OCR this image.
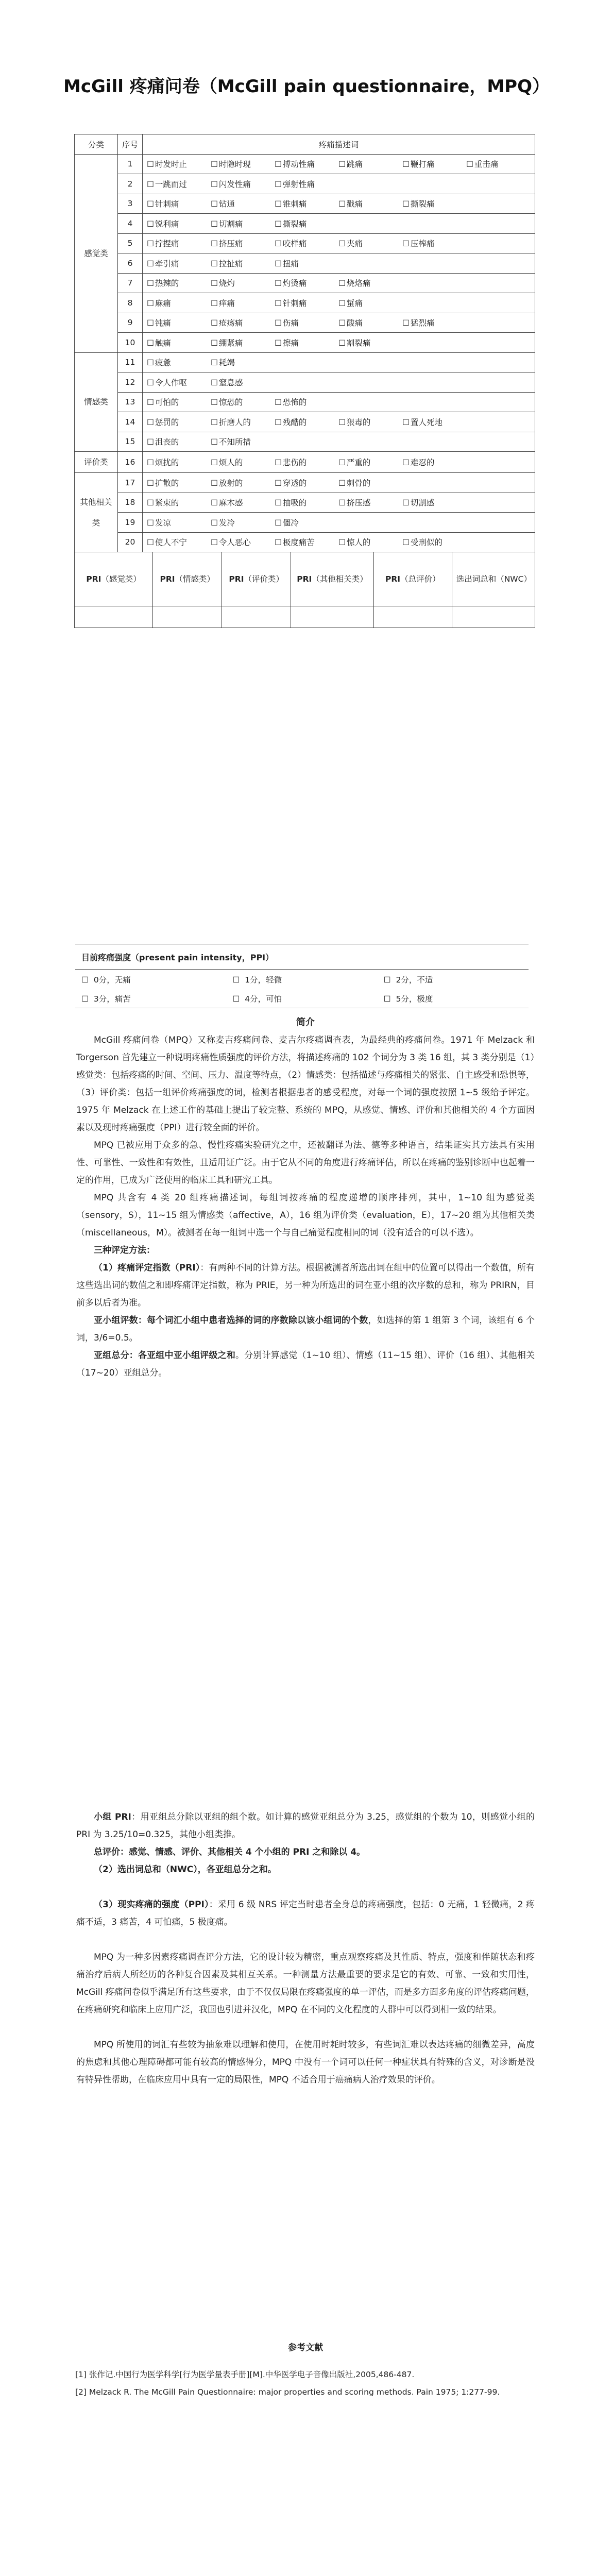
McGill 疼痛问卷（McGill pain questionnaire，MPQ）
分类	序号	疼痛描述词
感觉类	1	☐时发时止	☐ 时隐时现	☐ 搏动性痛	☐ 跳痛	☐ 鞭打痛	☐ 重击痛
2	☐一跳而过	☐ 闪发性痛	☐ 弹射性痛
3	☐针刺痛	☐ 钻通	☐ 锥刺痛	☐ 戳痛	☐ 撕裂痛
4	☐锐利痛	☐ 切割痛	☐ 撕裂痛
5	☐拧捏痛	☐ 挤压痛	☐ 咬样痛	☐ 夹痛	☐ 压榨痛
6	☐牵引痛	☐ 拉扯痛	☐ 扭痛
7	☐热辣的	☐ 烧灼	☐ 灼烫痛	☐ 烧烙痛
8	☐麻痛	☐ 痒痛	☐ 针刺痛	☐ 蜇痛
9	☐钝痛	☐ 疮疡痛	☐ 伤痛	☐ 酸痛	☐ 猛烈痛
10	☐触痛	☐ 绷紧痛	☐ 擦痛	☐ 割裂痛
情感类	11	☐疲惫	☐ 耗竭
12	☐令人作呕	☐ 窒息感
13	☐可怕的	☐ 惊恐的	☐ 恐怖的
14	☐惩罚的	☐ 折磨人的	☐ 残酷的	☐ 狠毒的	☐ 置人死地
15	☐沮丧的	☐ 不知所措
评价类	16	☐烦扰的	☐ 烦人的	☐ 悲伤的	☐ 严重的	☐ 难忍的
其他相关类	17	☐扩散的	☐ 放射的	☐ 穿透的	☐ 刺骨的
18	☐紧束的	☐ 麻木感	☐ 抽吸的	☐ 挤压感	☐ 切割感
19	☐发凉	☐ 发冷	☐ 僵冷
20	☐使人不宁	☐ 令人恶心	☐ 极度痛苦	☐ 惊人的	☐ 受刑似的

PRI（感觉类）	PRI（情感类）	PRI（评价类）	PRI（其他相关类）	PRI（总评价）	选出词总和（NWC）

目前疼痛强度（present pain intensity，PPI）		
☐ 0分，无痛	☐ 1分，轻微	☐ 2分，不适
☐ 3分，痛苦	☐ 4分，可怕	☐ 5分，极度

简介

McGill 疼痛问卷（MPQ）又称麦吉疼痛问卷、麦吉尔疼痛调查表，为最经典的疼痛问卷。1971 年 Melzack 和 Torgerson 首先建立一种说明疼痛性质强度的评价方法，将描述疼痛的 102 个词分为 3 类 16 组，其 3 类分别是（1）感觉类：包括疼痛的时间、空间、压力、温度等特点，（2）情感类：包括描述与疼痛相关的紧张、自主感受和恐惧等，（3）评价类：包括一组评价疼痛强度的词，检测者根据患者的感受程度，对每一个词的强度按照 1~5 级给予评定。1975 年 Melzack 在上述工作的基础上提出了较完整、系统的 MPQ，从感觉、情感、评价和其他相关的 4 个方面因素以及现时疼痛强度（PPI）进行较全面的评价。

MPQ 已被应用于众多的急、慢性疼痛实验研究之中，还被翻译为法、德等多种语言，结果证实其方法具有实用性、可靠性、一致性和有效性，且适用证广泛。由于它从不同的角度进行疼痛评估，所以在疼痛的鉴别诊断中也起着一定的作用，已成为广泛使用的临床工具和研究工具。

MPQ 共含有 4 类 20 组疼痛描述词，每组词按疼痛的程度递增的顺序排列，其中，1~10 组为感觉类（sensory，S），11~15 组为情感类（affective，A），16 组为评价类（evaluation，E），17~20 组为其他相关类（miscellaneous，M）。被测者在每一组词中选一个与自己痛觉程度相同的词（没有适合的可以不选）。

三种评定方法：

（1）疼痛评定指数（PRI）：有两种不同的计算方法。根据被测者所选出词在组中的位置可以得出一个数值，所有这些选出词的数值之和即疼痛评定指数，称为 PRIE，另一种为所选出的词在亚小组的次序数的总和，称为 PRIRN，目前多以后者为准。

亚小组评数：每个词汇小组中患者选择的词的序数除以该小组词的个数，如选择的第 1 组第 3 个词，该组有 6 个词，3/6=0.5。

亚组总分：各亚组中亚小组评级之和。分别计算感觉（1~10 组）、情感（11~15 组）、评价（16 组）、其他相关（17~20）亚组总分。

小组 PRI：用亚组总分除以亚组的组个数。如计算的感觉亚组总分为 3.25，感觉组的个数为 10，则感觉小组的 PRI 为 3.25/10=0.325，其他小组类推。

总评价：感觉、情感、评价、其他相关 4 个小组的 PRI 之和除以 4。

（2）选出词总和（NWC），各亚组总分之和。

（3）现实疼痛的强度（PPI）：采用 6 级 NRS 评定当时患者全身总的疼痛强度，包括：0 无痛，1 轻微痛，2 疼痛不适，3 痛苦，4 可怕痛，5 极度痛。

MPQ 为一种多因素疼痛调查评分方法，它的设计较为精密，重点观察疼痛及其性质、特点，强度和伴随状态和疼痛治疗后病人所经历的各种复合因素及其相互关系。一种测量方法最重要的要求是它的有效、可靠、一致和实用性，McGill 疼痛问卷似乎满足所有这些要求，由于不仅仅局限在疼痛强度的单一评估，而是多方面多角度的评估疼痛问题，在疼痛研究和临床上应用广泛，我国也引进并汉化，MPQ 在不同的文化程度的人群中可以得到相一致的结果。

MPQ 所使用的词汇有些较为抽象难以理解和使用，在使用时耗时较多，有些词汇难以表达疼痛的细微差异，高度的焦虑和其他心理障碍都可能有较高的情感得分，MPQ 中没有一个词可以任何一种症状具有特殊的含义，对诊断是没有特异性帮助，在临床应用中具有一定的局限性，MPQ 不适合用于癌痛病人治疗效果的评价。

参考文献

[1] 张作记.中国行为医学科学[行为医学量表手册][M].中华医学电子音像出版社,2005,486-487.

[2] Melzack R. The McGill Pain Questionnaire: major properties and scoring methods. Pain 1975; 1:277-99.
